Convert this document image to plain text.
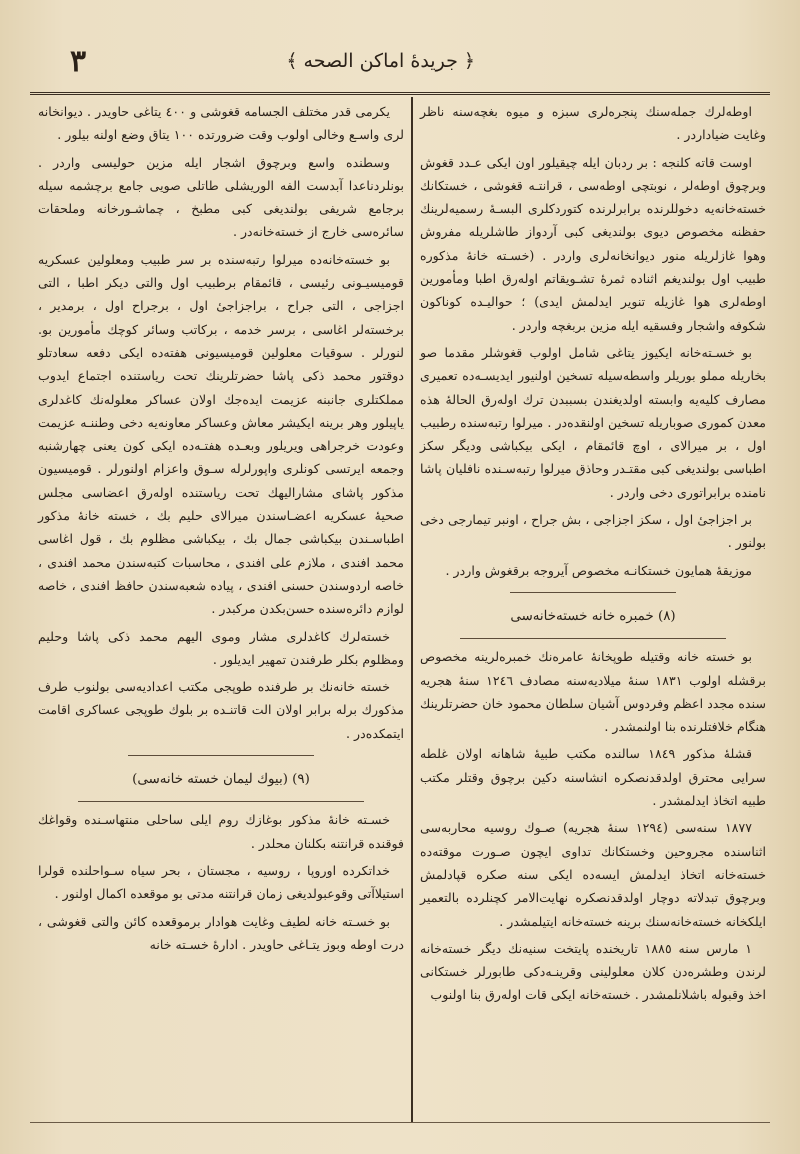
﴿ جريدهٔ اماكن الصحه ﴾
٣

اوطه‌لرك جمله‌سنك پنجره‌لری سبزه و میوه بغچه‌سنه ناظر وغایت ضیاداردر .

اوست قاته کلنجه : بر ردبان ایله چیقیلور اون ایکی عـدد قغوش وبرچوق اوطه‌لر ، نوبتچی اوطه‌سی ، قرانتـه قغوشی ، خستکانك خسته‌خانه‌یه دخوللرنده برابرلرنده کتوردکلری البسـهٔ رسمیه‌لرینك حفظنه مخصوص دیوی بولندیغی کبی آردواز طاشلریله مفروش وهوا غازلریله منور دیوانخانه‌لری واردر . (خسـته خانهٔ مذکوره طبیب اول بولندیغم اثناده ثمرهٔ تشـویقاتم اوله‌رق اطبا ومأمورین اوطه‌لری هوا غازیله تنویر ایدلمش ایدی) ؛ حوالیـده کوناکون شکوفه واشجار وفسقیه ایله مزین بربغچه واردر .

بو خسـته‌خانه ایکیوز یتاغی شامل اولوب قغوشلر مقدما صو بخاریله مملو بوریلر واسطه‌سیله تسخین اولنیور ایدیسـه‌ده تعمیری مصارف کلیه‌یه وابسته اولدیغندن بسببدن ترك اوله‌رق الحالهٔ هذه معدن کموری صوباریله تسخین اولنقده‌در . میرلوا رتبه‌سنده رطبیب اول ، بر میرالای ، اوچ قائمقام ، ایکی بیکباشی ودیگر سکز اطباسی بولندیغی کبی مقتـدر وحاذق میرلوا رتبه‌سـنده نافلیان پاشا نامنده برابراتوری دخی واردر .

بر اجزاجیٔ اول ، سکز اجزاجی ، بش جراح ، اونبر تیمارجی دخی بولنور .

موزیقهٔ همایون خستکانـه مخصوص آیروجه برقغوش واردر .

(٨) خمبره خانه خسته‌خانه‌سی

بو خسته خانه وقتیله طوپخانهٔ عامره‌نك خمبره‌لرینه مخصوص برقشله اولوب ١٨٣١ سنهٔ میلادیه‌سنه مصادف ١٢٤٦ سنهٔ هجریه‌ سنده مجدد اعظم وفردوس آشیان سلطان محمود خان حضرتلرینك هنگام خلافتلرنده بنا اولنمشدر .

قشلهٔ مذکور ١٨٤٩ سالنده مکتب طبیهٔ شاهانه اولان غلطه سرایی محترق اولدقدنصکره انشاسنه دکین برچوق وقتلر مکتب طبیه اتخاذ ایدلمشدر .

١٨٧٧ سنه‌سی (١٢٩٤ سنهٔ هجریه) صـوك روسیه محاربه‌سی اثناسنده مجروحین وخستکانك تداوی ایچون صـورت موقته‌ده خسته‌خانه اتخاذ ایدلمش ایسه‌ده ایکی سنه صکره قپادلمش وبرچوق تبدلاته دوچار اولدقدنصکره نهایت‌الامر کچنلرده بالتعمیر ایلکخانه خسته‌خانه‌سنك برینه خسته‌خانه ایتیلمشدر .

١ مارس سنه ١٨٨٥ تاریخنده پایتخت سنیه‌نك دیگر خسته‌خانه‌ لرندن وطشره‌دن کلان معلولینی وقرینـه‌دکی طابورلر خستکانی اخذ وقبوله باشلانلمشدر . خسته‌خانه ایکی قات اوله‌رق بنا اولنوب

یکرمی قدر مختلف الجسامه قغوشی و ٤٠٠ یتاغی حاویدر . دیوانخانه‌ لری واسـع وخالی اولوب وقت ضرورتده ١٠٠ یتاق وضع اولنه بیلور .

وسطنده واسع وبرچوق اشجار ایله مزین حولیسی واردر . بونلردناعدا آبدست الفه الوریشلی طاتلی صویی جامع برچشمه‌ سیله برجامع شریفی بولندیغی کبی مطبخ ، چماشـورخانه وملحقات سائره‌سی خارج از خسته‌خانه‌در .

بو خسته‌خانه‌ده میرلوا رتبه‌سنده بر سر طبیب ومعلولین عسکریه قومیسیـونی رئیسی ، قائمقام برطبیب اول والتی دیکر اطبا ، التی اجزاجی ، التی جراح ، براجزاجیٔ اول ، برجراح اول ، برمدیر ، برخسته‌لر اغاسی ، برسر خدمه ، برکاتب وسائر کوچك مأمورین بو. لنورلر . سوقیات معلولین قومیسیونی هفته‌ده ایکی دفعه سعادتلو دوقتور محمد ذکی پاشا حضرتلرینك تحت ریاستنده اجتماع ایدوب مملکتلری جانبنه عزیمت ایده‌جك اولان عساکر معلوله‌نك کاغدلری یاپیلور وهر برینه ایکیشر معاش وعساکر معاونه‌یه دخی وطننـه عزیمت وعودت خرجراهی ویریلور وبعـده هفتـه‌ده ایکی کون یعنی چهارشنبه وجمعه ایرتسی کونلری واپورلرله سـوق واعزام اولنورلر . قومیسیون مذکور پاشای مشارالیهك تحت ریاستنده اوله‌رق اعضاسی مجلس صحیهٔ عسکریه اعضـاسندن میرالای حلیم بك ، خسته خانهٔ مذکور اطباسـندن بیکباشی جمال بك ، بیکباشی مظلوم بك ، قول اغاسی محمد افندی ، ملازم علی افندی ، محاسبات کتبه‌سندن محمد افندی ، خاصه اردوسندن حسنی افندی ، پیاده شعبه‌سندن حافظ افندی ، خاصه لوازم دائره‌سنده حسن‌بکدن مرکبدر .

خسته‌لرك کاغدلری مشار وموی الیهم محمد ذکی پاشا وحلیم ومظلوم بکلر طرفندن تمهیر ایدیلور .

خسته خانه‌نك بر طرفنده طوپجی مکتب اعدادیه‌سی بولنوب طرف مذکورك برله برابر اولان الت قاتنـده بر بلوك طوپجی عساکری اقامت ایتمکده‌در .

(٩) (بیوك لیمان خسته خانه‌سی)

خسـته خانهٔ مذکور بوغازك روم ایلی ساحلی منتهاسـنده وقواغك فوقنده قرانتنه بکلنان محلدر .

خداتکرده اوروپا ، روسیه ، مجستان ، بحر سیاه سـواحلنده قولرا استیلاآتی وقوعبولدیغی زمان قرانتنه مدتی بو موقعده اکمال اولنور .

بو خسـته خانه لطیف وغایت هوادار برموقعده کائن والتی قغوشی ، درت اوطه وبوز یتـاغی حاویدر . ادارهٔ خسـته خانه
